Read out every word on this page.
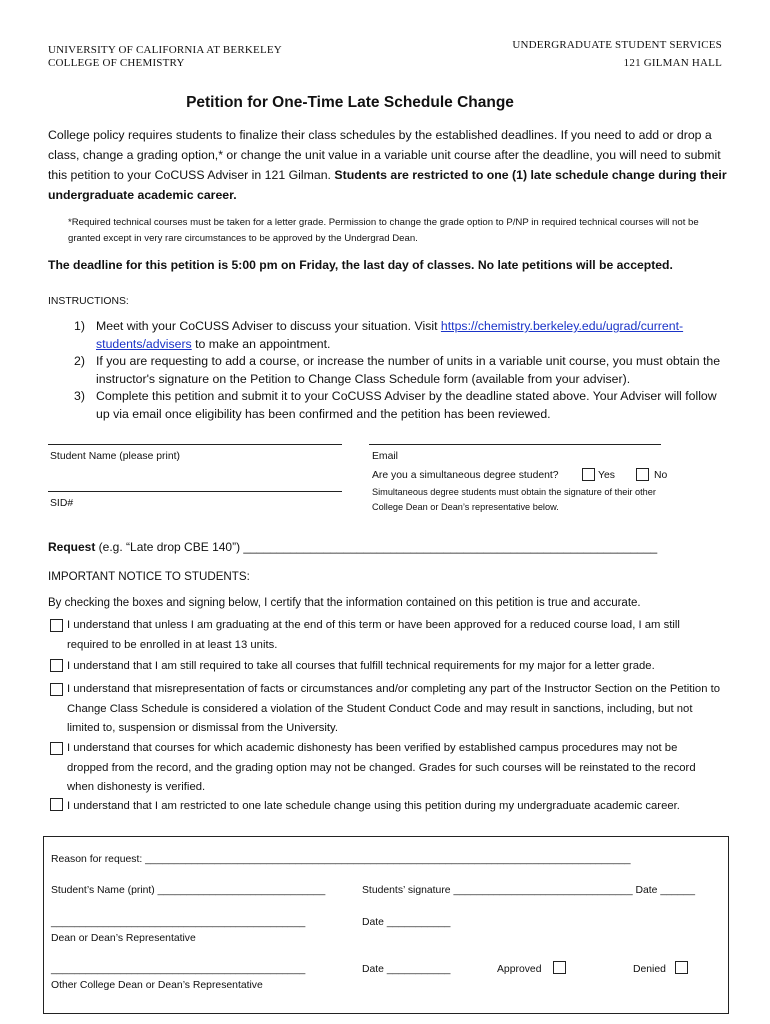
UNIVERSITY OF CALIFORNIA AT BERKELEY
COLLEGE OF CHEMISTRY
UNDERGRADUATE STUDENT SERVICES
121 GILMAN HALL
Petition for One-Time Late Schedule Change
College policy requires students to finalize their class schedules by the established deadlines. If you need to add or drop a class, change a grading option,* or change the unit value in a variable unit course after the deadline, you will need to submit this petition to your CoCUSS Adviser in 121 Gilman. Students are restricted to one (1) late schedule change during their undergraduate academic career.
*Required technical courses must be taken for a letter grade. Permission to change the grade option to P/NP in required technical courses will not be granted except in very rare circumstances to be approved by the Undergrad Dean.
The deadline for this petition is 5:00 pm on Friday, the last day of classes. No late petitions will be accepted.
INSTRUCTIONS:
1) Meet with your CoCUSS Adviser to discuss your situation. Visit https://chemistry.berkeley.edu/ugrad/current-students/advisers to make an appointment.
2) If you are requesting to add a course, or increase the number of units in a variable unit course, you must obtain the instructor's signature on the Petition to Change Class Schedule form (available from your adviser).
3) Complete this petition and submit it to your CoCUSS Adviser by the deadline stated above. Your Adviser will follow up via email once eligibility has been confirmed and the petition has been reviewed.
Student Name (please print)	Email
Are you a simultaneous degree student?	Yes	No
Simultaneous degree students must obtain the signature of their other College Dean or Dean’s representative below.
SID#
Request (e.g. “Late drop CBE 140”) ______________________________________________________________
IMPORTANT NOTICE TO STUDENTS:
By checking the boxes and signing below, I certify that the information contained on this petition is true and accurate.
I understand that unless I am graduating at the end of this term or have been approved for a reduced course load, I am still required to be enrolled in at least 13 units.
I understand that I am still required to take all courses that fulfill technical requirements for my major for a letter grade.
I understand that misrepresentation of facts or circumstances and/or completing any part of the Instructor Section on the Petition to Change Class Schedule is considered a violation of the Student Conduct Code and may result in sanctions, including, but not limited to, suspension or dismissal from the University.
I understand that courses for which academic dishonesty has been verified by established campus procedures may not be dropped from the record, and the grading option may not be changed. Grades for such courses will be reinstated to the record when dishonesty is verified.
I understand that I am restricted to one late schedule change using this petition during my undergraduate academic career.
Reason for request: ____________________________________________________________________________________
Student’s Name (print) _____________________________	Students’ signature _______________________________ Date ______
____________________________________________	Date ___________
Dean or Dean’s Representative
____________________________________________	Date ___________	Approved	Denied
Other College Dean or Dean’s Representative
